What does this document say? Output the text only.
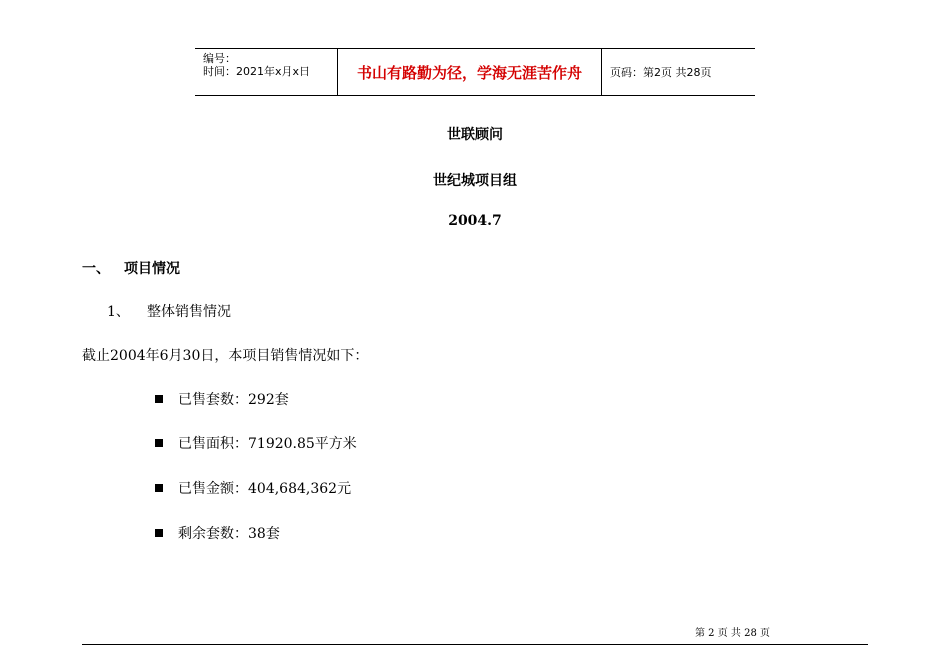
编号：
时间：2021年x月x日	书山有路勤为径，学海无涯苦作舟	页码：第2页 共28页
世联顾问
世纪城项目组
2004.7
一、 项目情况
1、 整体销售情况
截止2004年6月30日，本项目销售情况如下：
已售套数：292套
已售面积：71920.85平方米
已售金额：404,684,362元
剩余套数：38套
第 2 页 共 28 页
